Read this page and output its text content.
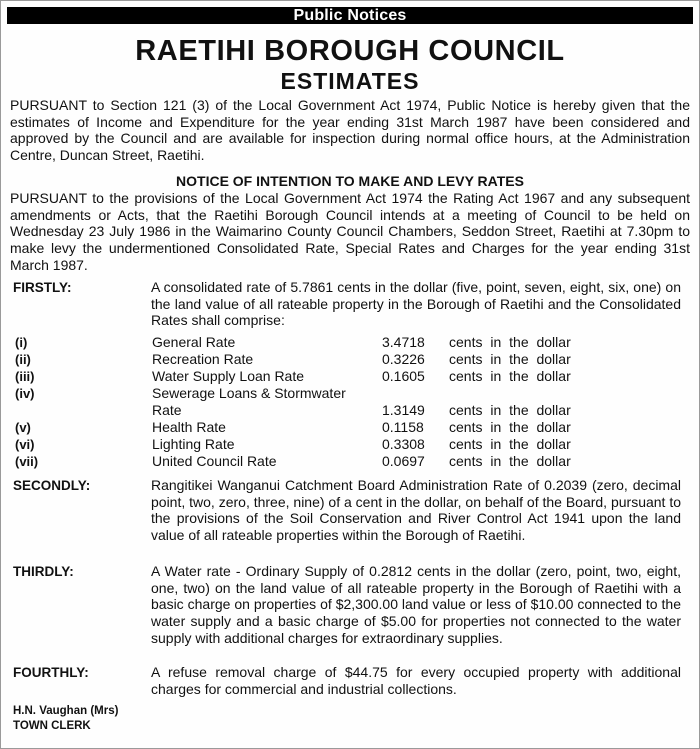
Public Notices
RAETIHI BOROUGH COUNCIL
ESTIMATES

PURSUANT to Section 121 (3) of the Local Government Act 1974, Public Notice is hereby given that the estimates of Income and Expenditure for the year ending 31st March 1987 have been considered and approved by the Council and are available for inspection during normal office hours, at the Administration Centre, Duncan Street, Raetihi.

NOTICE OF INTENTION TO MAKE AND LEVY RATES

PURSUANT to the provisions of the Local Government Act 1974 the Rating Act 1967 and any subsequent amendments or Acts, that the Raetihi Borough Council intends at a meeting of Council to be held on Wednesday 23 July 1986 in the Waimarino County Council Chambers, Seddon Street, Raetihi at 7.30pm to make levy the undermentioned Consolidated Rate, Special Rates and Charges for the year ending 31st March 1987.

FIRSTLY:	A consolidated rate of 5.7861 cents in the dollar (five, point, seven, eight, six, one) on the land value of all rateable property in the Borough of Raetihi and the Consolidated Rates shall comprise:

(i)	General Rate	3.4718 cents in the dollar
(ii)	Recreation Rate	0.3226 cents in the dollar
(iii)	Water Supply Loan Rate	0.1605 cents in the dollar
(iv)	Sewerage Loans & Stormwater
Rate	1.3149 cents in the dollar
(v)	Health Rate	0.1158 cents in the dollar
(vi)	Lighting Rate	0.3308 cents in the dollar
(vii)	United Council Rate	0.0697 cents in the dollar
SECONDLY:	Rangitikei Wanganui Catchment Board Administration Rate of 0.2039 (zero, decimal point, two, zero, three, nine) of a cent in the dollar, on behalf of the Board, pursuant to the provisions of the Soil Conservation and River Control Act 1941 upon the land value of all rateable properties within the Borough of Raetihi.

THIRDLY:	A Water rate - Ordinary Supply of 0.2812 cents in the dollar (zero, point, two, eight, one, two) on the land value of all rateable property in the Borough of Raetihi with a basic charge on properties of $2,300.00 land value or less of $10.00 connected to the water supply and a basic charge of $5.00 for properties not connected to the water supply with additional charges for extraordinary supplies.

FOURTHLY:	A refuse removal charge of $44.75 for every occupied property with additional charges for commercial and industrial collections.

H.N. Vaughan (Mrs)
TOWN CLERK
